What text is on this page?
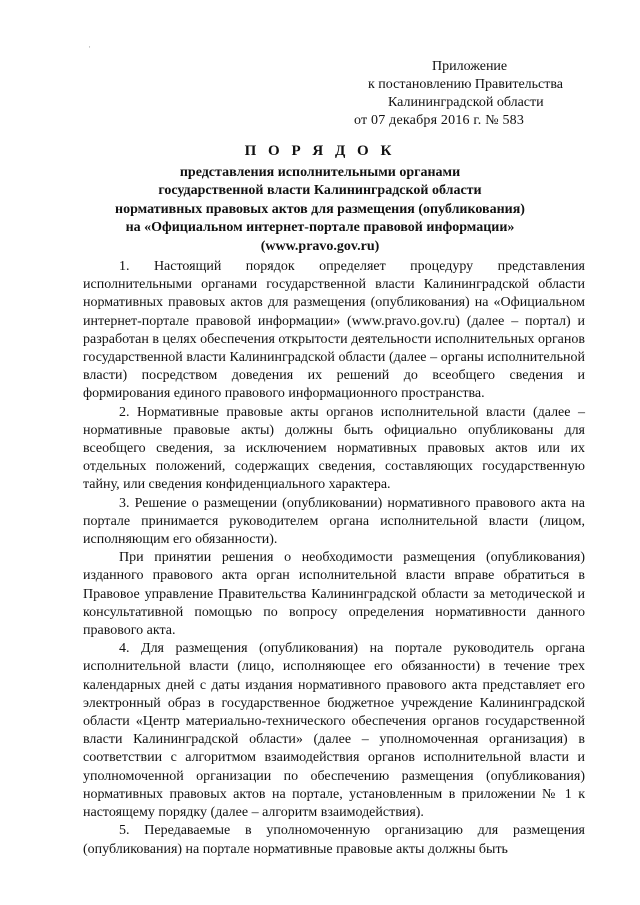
·
Приложение
к постановлению Правительства
Калининградской области
от 07 декабря 2016 г. № 583
П О Р Я Д О К
представления исполнительными органами
государственной власти Калининградской области
нормативных правовых актов для размещения (опубликования)
на «Официальном интернет-портале правовой информации»
(www.pravo.gov.ru)

1. Настоящий порядок определяет процедуру представления исполнительными органами государственной власти Калининградской области нормативных правовых актов для размещения (опубликования) на «Официальном интернет-портале правовой информации» (www.pravo.gov.ru) (далее – портал) и разработан в целях обеспечения открытости деятельности исполнительных органов государственной власти Калининградской области (далее – органы исполнительной власти) посредством доведения их решений до всеобщего сведения и формирования единого правового информационного пространства.

2. Нормативные правовые акты органов исполнительной власти (далее – нормативные правовые акты) должны быть официально опубликованы для всеобщего сведения, за исключением нормативных правовых актов или их отдельных положений, содержащих сведения, составляющих государственную тайну, или сведения конфиденциального характера.

3. Решение о размещении (опубликовании) нормативного правового акта на портале принимается руководителем органа исполнительной власти (лицом, исполняющим его обязанности).

При принятии решения о необходимости размещения (опубликования) изданного правового акта орган исполнительной власти вправе обратиться в Правовое управление Правительства Калининградской области за методической и консультативной помощью по вопросу определения нормативности данного правового акта.

4. Для размещения (опубликования) на портале руководитель органа исполнительной власти (лицо, исполняющее его обязанности) в течение трех календарных дней с даты издания нормативного правового акта представляет его электронный образ в государственное бюджетное учреждение Калининградской области «Центр материально-технического обеспечения органов государственной власти Калининградской области» (далее – уполномоченная организация) в соответствии с алгоритмом взаимодействия органов исполнительной власти и уполномоченной организации по обеспечению размещения (опубликования) нормативных правовых актов на портале, установленным в приложении № 1 к настоящему порядку (далее – алгоритм взаимодействия).

5. Передаваемые в уполномоченную организацию для размещения (опубликования) на портале нормативные правовые акты должны быть
